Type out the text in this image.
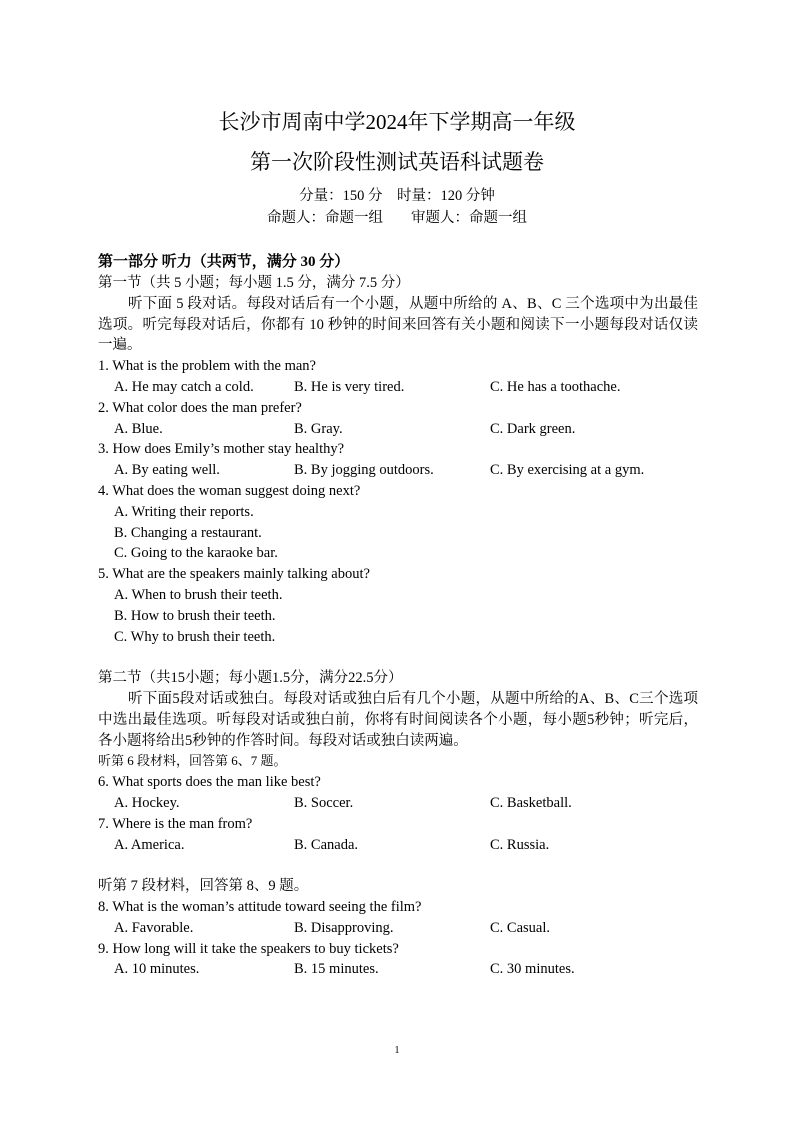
长沙市周南中学2024年下学期高一年级
第一次阶段性测试英语科试题卷
分量：150 分　时量：120 分钟
命题人：命题一组 审题人：命题一组
第一部分 听力（共两节，满分 30 分）
第一节（共 5 小题；每小题 1.5 分，满分 7.5 分）
听下面 5 段对话。每段对话后有一个小题，从题中所给的 A、B、C 三个选项中为出最佳选项。听完每段对话后，你都有 10 秒钟的时间来回答有关小题和阅读下一小题每段对话仅读一遍。
1. What is the problem with the man?
A. He may catch a cold.	B. He is very tired.	C. He has a toothache.
2. What color does the man prefer?
A. Blue.	B. Gray.	C. Dark green.
3. How does Emily’s mother stay healthy?
A. By eating well.	B. By jogging outdoors.	C. By exercising at a gym.
4. What does the woman suggest doing next?
A. Writing their reports.
B. Changing a restaurant.
C. Going to the karaoke bar.
5. What are the speakers mainly talking about?
A. When to brush their teeth.
B. How to brush their teeth.
C. Why to brush their teeth.
第二节（共15小题；每小题1.5分，满分22.5分）
听下面5段对话或独白。每段对话或独白后有几个小题，从题中所给的A、B、C三个选项中选出最佳选项。听每段对话或独白前，你将有时间阅读各个小题，每小题5秒钟；听完后，各小题将给出5秒钟的作答时间。每段对话或独白读两遍。
听第 6 段材料，回答第 6、7 题。
6. What sports does the man like best?
A. Hockey.	B. Soccer.	C. Basketball.
7. Where is the man from?
A. America.	B. Canada.	C. Russia.
听第 7 段材料，回答第 8、9 题。
8. What is the woman’s attitude toward seeing the film?
A. Favorable.	B. Disapproving.	C. Casual.
9. How long will it take the speakers to buy tickets?
A. 10 minutes.	B. 15 minutes.	C. 30 minutes.
1
